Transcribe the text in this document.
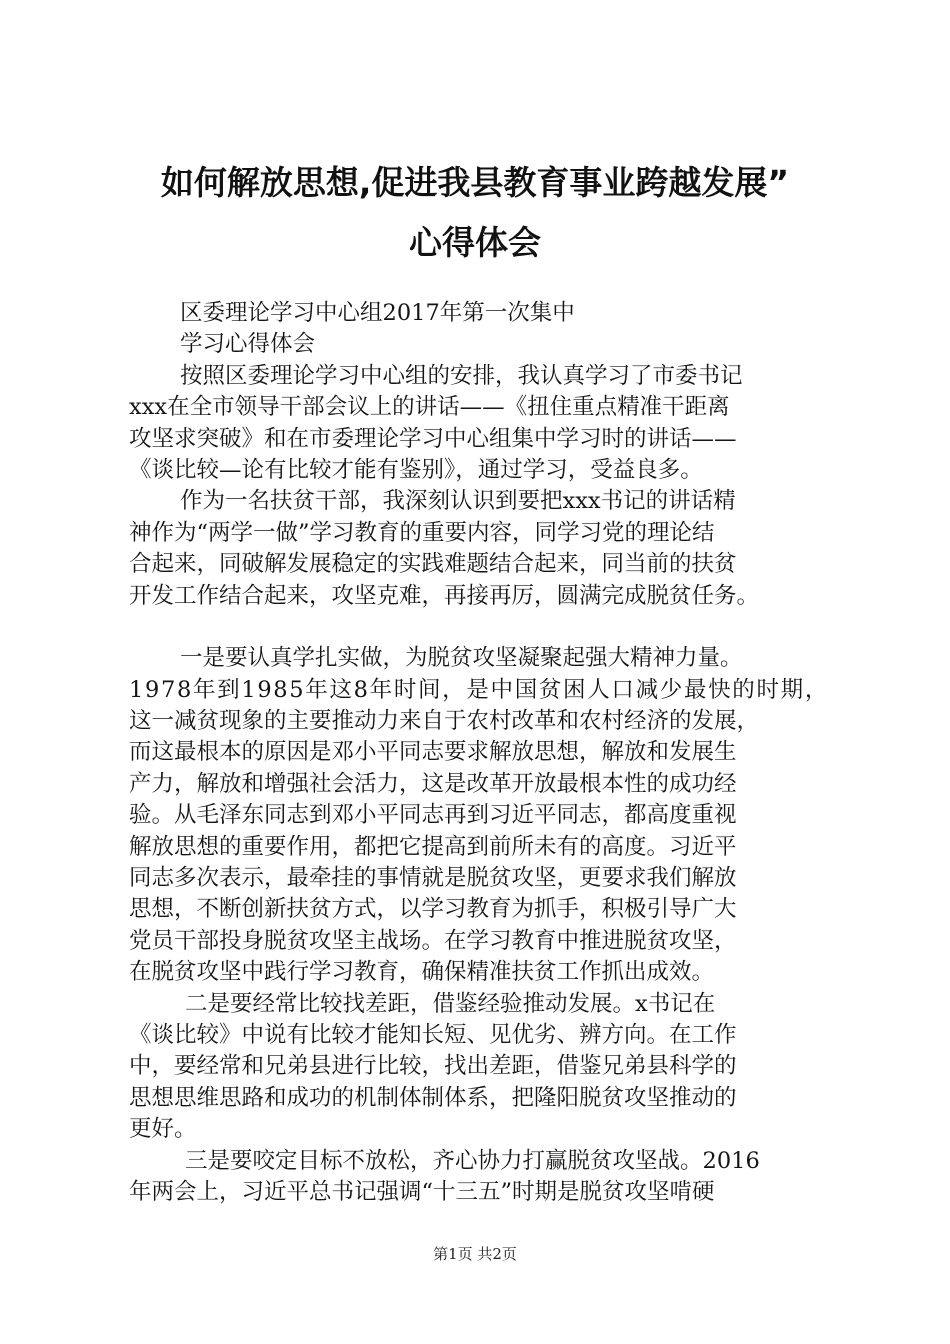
如何解放思想,促进我县教育事业跨越发展”
心得体会
区委理论学习中心组2017年第一次集中
学习心得体会
按照区委理论学习中心组的安排，我认真学习了市委书记
xxx在全市领导干部会议上的讲话——《扭住重点精准干距离
攻坚求突破》和在市委理论学习中心组集中学习时的讲话——
《谈比较—论有比较才能有鉴别》，通过学习，受益良多。
作为一名扶贫干部，我深刻认识到要把xxx书记的讲话精
神作为“两学一做”学习教育的重要内容，同学习党的理论结
合起来，同破解发展稳定的实践难题结合起来，同当前的扶贫
开发工作结合起来，攻坚克难，再接再厉，圆满完成脱贫任务。
一是要认真学扎实做，为脱贫攻坚凝聚起强大精神力量。
1978年到1985年这8年时间，是中国贫困人口减少最快的时期，
这一减贫现象的主要推动力来自于农村改革和农村经济的发展，
而这最根本的原因是邓小平同志要求解放思想，解放和发展生
产力，解放和增强社会活力，这是改革开放最根本性的成功经
验。从毛泽东同志到邓小平同志再到习近平同志，都高度重视
解放思想的重要作用，都把它提高到前所未有的高度。习近平
同志多次表示，最牵挂的事情就是脱贫攻坚，更要求我们解放
思想，不断创新扶贫方式，以学习教育为抓手，积极引导广大
党员干部投身脱贫攻坚主战场。在学习教育中推进脱贫攻坚，
在脱贫攻坚中践行学习教育，确保精准扶贫工作抓出成效。
二是要经常比较找差距，借鉴经验推动发展。x书记在
《谈比较》中说有比较才能知长短、见优劣、辨方向。在工作
中，要经常和兄弟县进行比较，找出差距，借鉴兄弟县科学的
思想思维思路和成功的机制体制体系，把隆阳脱贫攻坚推动的
更好。
三是要咬定目标不放松，齐心协力打赢脱贫攻坚战。2016
年两会上，习近平总书记强调“十三五”时期是脱贫攻坚啃硬
第1页 共2页
